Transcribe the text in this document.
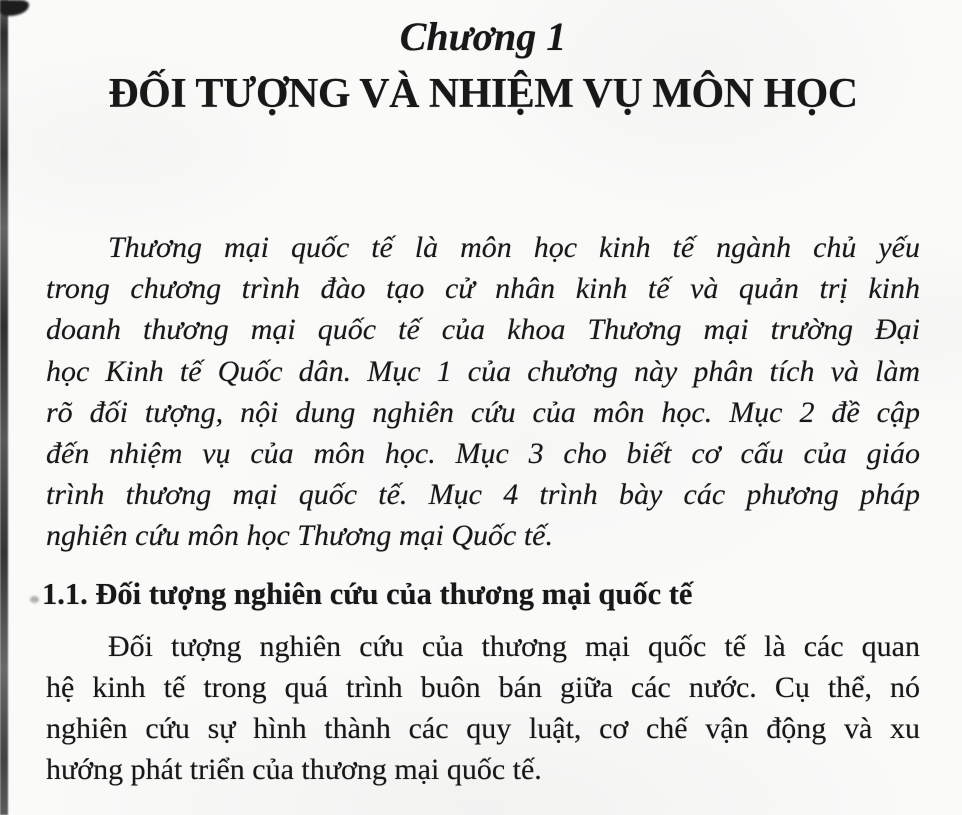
Chương 1
ĐỐI TƯỢNG VÀ NHIỆM VỤ MÔN HỌC
Thương mại quốc tế là môn học kinh tế ngành chủ yếu
trong chương trình đào tạo cử nhân kinh tế và quản trị kinh
doanh thương mại quốc tế của khoa Thương mại trường Đại
học Kinh tế Quốc dân. Mục 1 của chương này phân tích và làm
rõ đối tượng, nội dung nghiên cứu của môn học. Mục 2 đề cập
đến nhiệm vụ của môn học. Mục 3 cho biết cơ cấu của giáo
trình thương mại quốc tế. Mục 4 trình bày các phương pháp
nghiên cứu môn học Thương mại Quốc tế.
1.1. Đối tượng nghiên cứu của thương mại quốc tế
Đối tượng nghiên cứu của thương mại quốc tế là các quan
hệ kinh tế trong quá trình buôn bán giữa các nước. Cụ thể, nó
nghiên cứu sự hình thành các quy luật, cơ chế vận động và xu
hướng phát triển của thương mại quốc tế.
